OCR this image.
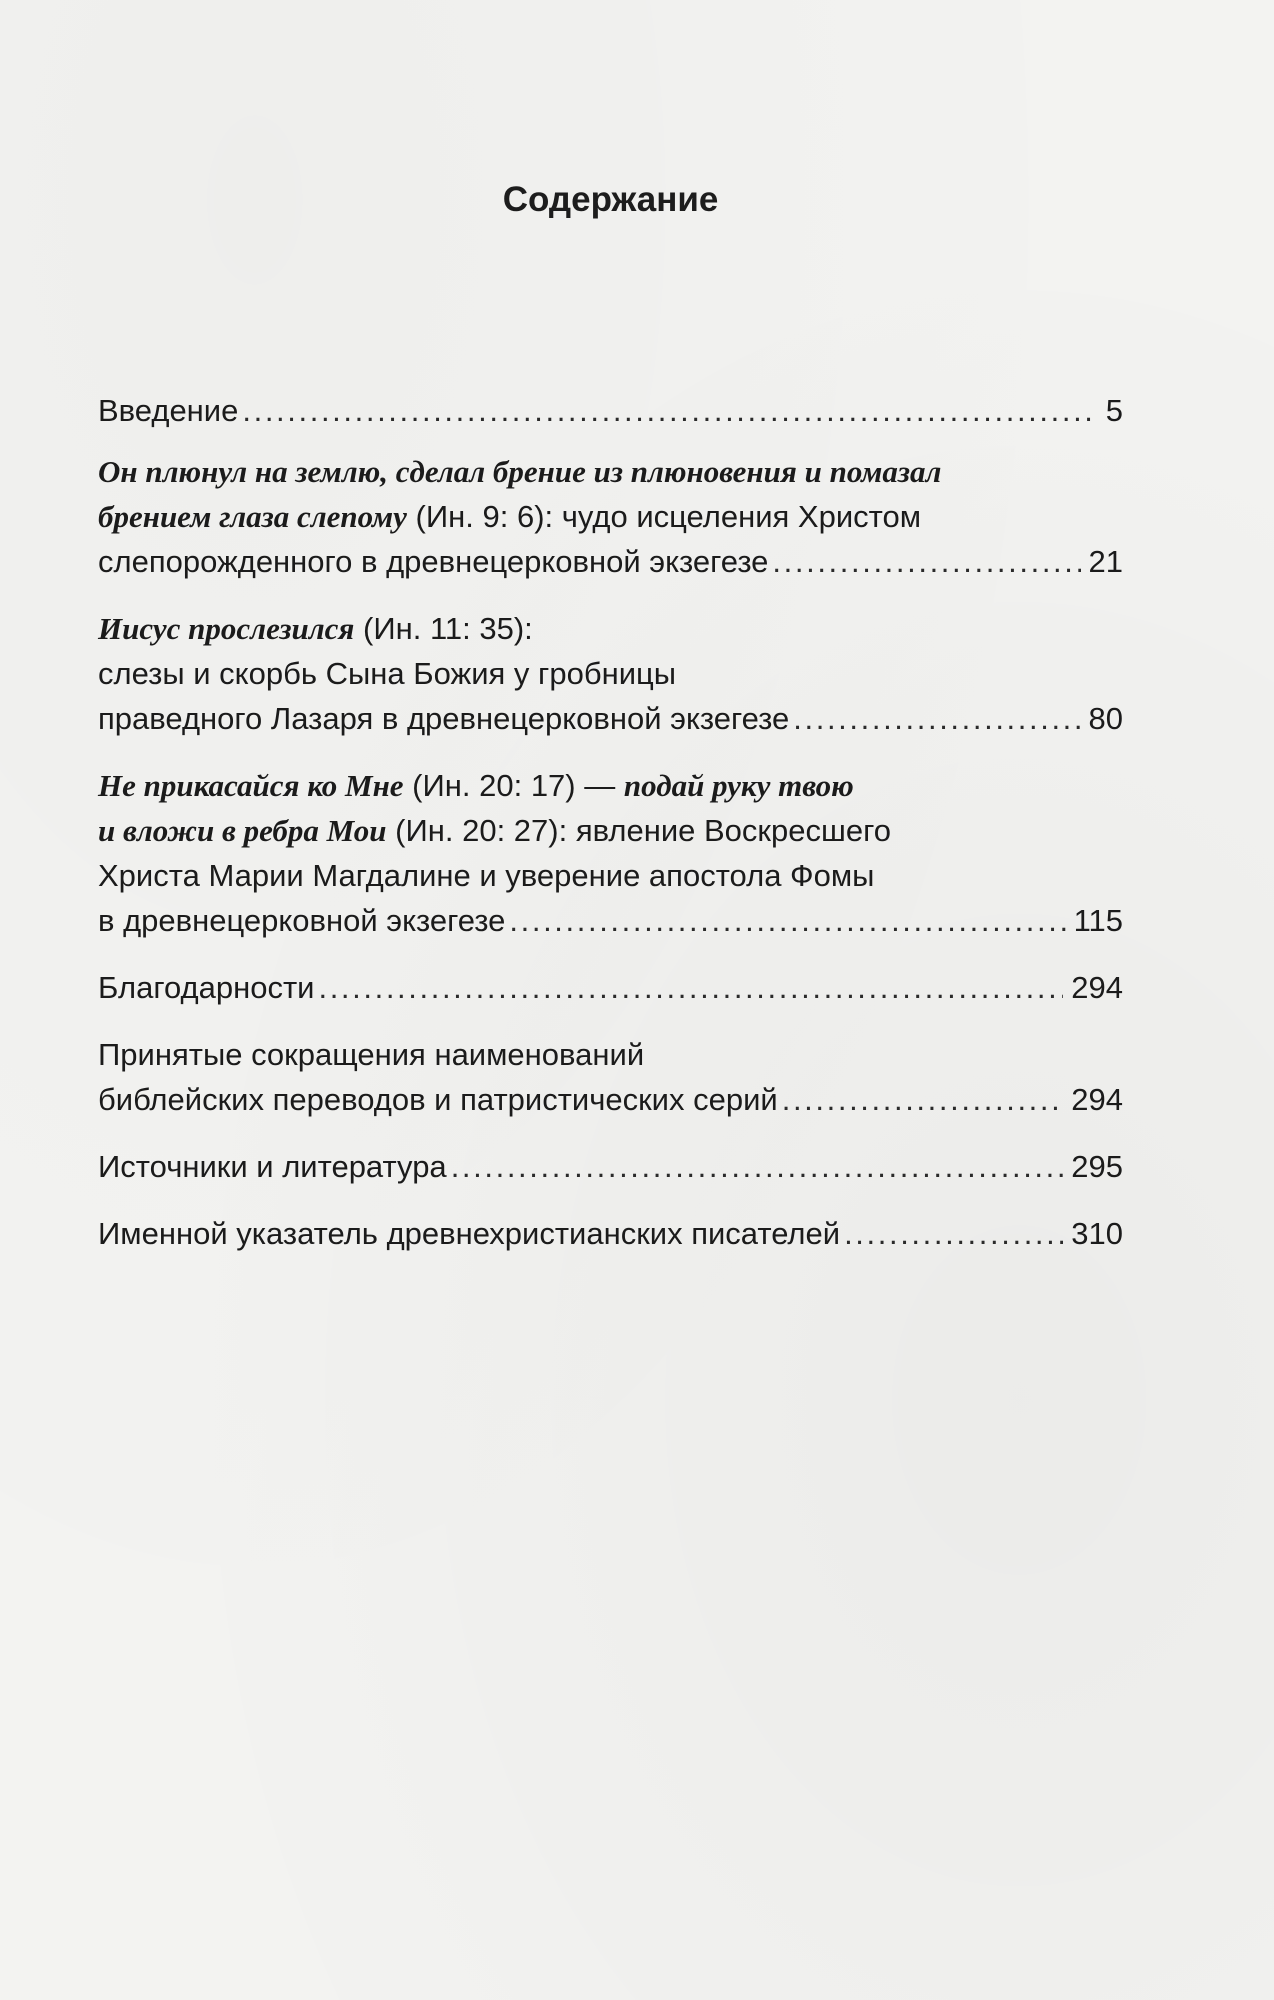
Содержание
Введение . . .	5
Он плюнул на землю, сделал брение из плюновения и помазал
брением глаза слепому (Ин. 9: 6): чудо исцеления Христом
слепорожденного в древнецерковной экзегезе . . .	21
Иисус прослезился (Ин. 11: 35):
слезы и скорбь Сына Божия у гробницы
праведного Лазаря в древнецерковной экзегезе . . .	80
Не прикасайся ко Мне (Ин. 20: 17) — подай руку твою
и вложи в ребра Мои (Ин. 20: 27): явление Воскресшего
Христа Марии Магдалине и уверение апостола Фомы
в древнецерковной экзегезе . . .	115
Благодарности . . .	294
Принятые сокращения наименований
библейских переводов и патристических серий . . .	294
Источники и литература . . .	295
Именной указатель древнехристианских писателей . . .	310
